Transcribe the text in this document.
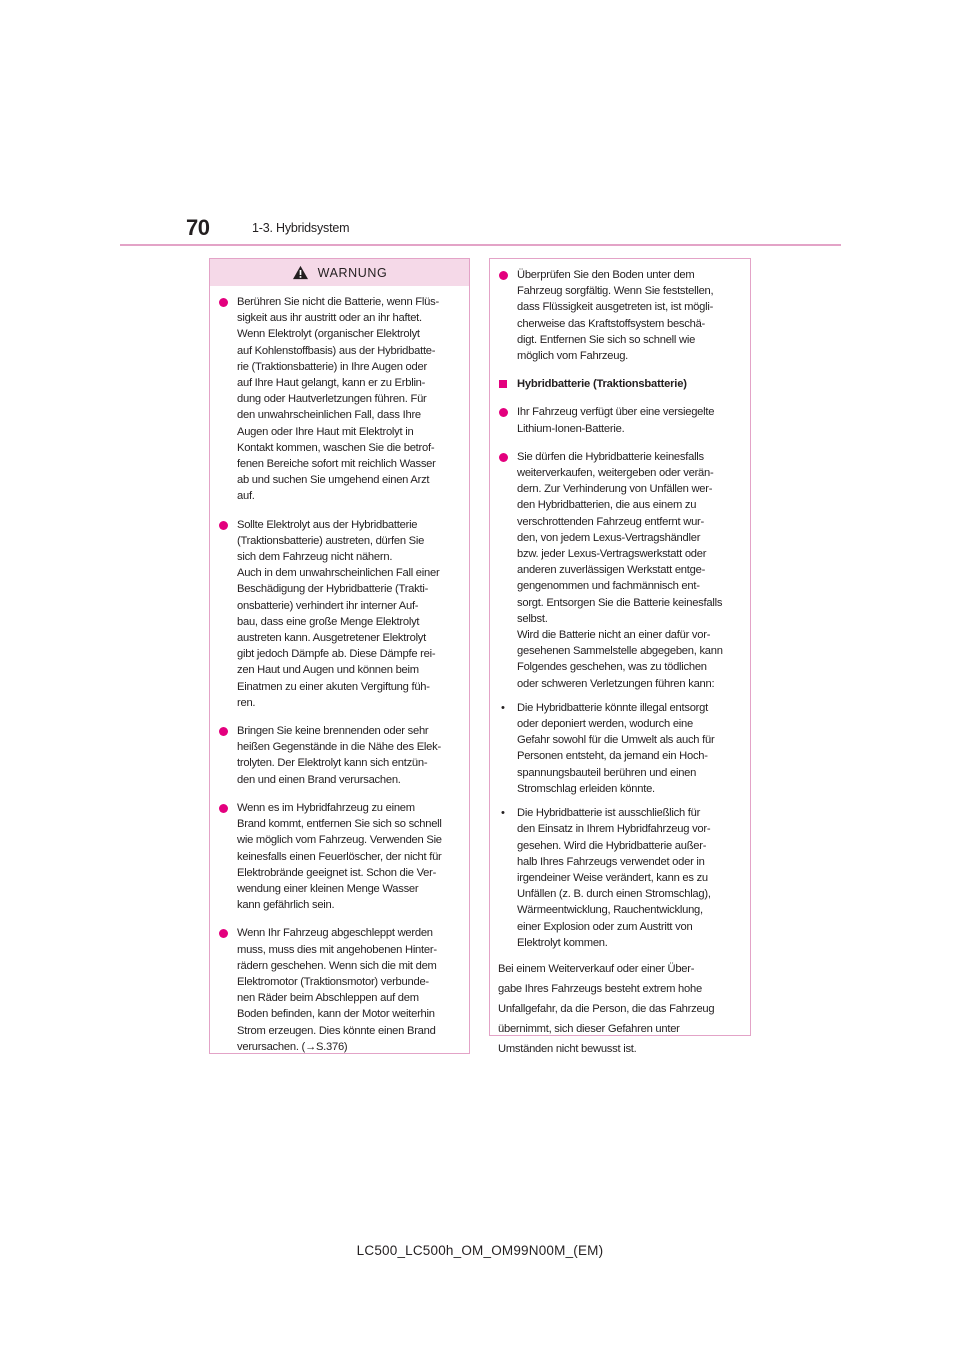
70	1-3. Hybridsystem
WARNUNG
Berühren Sie nicht die Batterie, wenn Flüs-
sigkeit aus ihr austritt oder an ihr haftet.
Wenn Elektrolyt (organischer Elektrolyt
auf Kohlenstoffbasis) aus der Hybridbatte-
rie (Traktionsbatterie) in Ihre Augen oder
auf Ihre Haut gelangt, kann er zu Erblin-
dung oder Hautverletzungen führen. Für
den unwahrscheinlichen Fall, dass Ihre
Augen oder Ihre Haut mit Elektrolyt in
Kontakt kommen, waschen Sie die betrof-
fenen Bereiche sofort mit reichlich Wasser
ab und suchen Sie umgehend einen Arzt
auf.
Sollte Elektrolyt aus der Hybridbatterie
(Traktionsbatterie) austreten, dürfen Sie
sich dem Fahrzeug nicht nähern.
Auch in dem unwahrscheinlichen Fall einer
Beschädigung der Hybridbatterie (Trakti-
onsbatterie) verhindert ihr interner Auf-
bau, dass eine große Menge Elektrolyt
austreten kann. Ausgetretener Elektrolyt
gibt jedoch Dämpfe ab. Diese Dämpfe rei-
zen Haut und Augen und können beim
Einatmen zu einer akuten Vergiftung füh-
ren.
Bringen Sie keine brennenden oder sehr
heißen Gegenstände in die Nähe des Elek-
trolyten. Der Elektrolyt kann sich entzün-
den und einen Brand verursachen.
Wenn es im Hybridfahrzeug zu einem
Brand kommt, entfernen Sie sich so schnell
wie möglich vom Fahrzeug. Verwenden Sie
keinesfalls einen Feuerlöscher, der nicht für
Elektrobrände geeignet ist. Schon die Ver-
wendung einer kleinen Menge Wasser
kann gefährlich sein.
Wenn Ihr Fahrzeug abgeschleppt werden
muss, muss dies mit angehobenen Hinter-
rädern geschehen. Wenn sich die mit dem
Elektromotor (Traktionsmotor) verbunde-
nen Räder beim Abschleppen auf dem
Boden befinden, kann der Motor weiterhin
Strom erzeugen. Dies könnte einen Brand
verursachen. (→S.376)
Überprüfen Sie den Boden unter dem
Fahrzeug sorgfältig. Wenn Sie feststellen,
dass Flüssigkeit ausgetreten ist, ist mögli-
cherweise das Kraftstoffsystem beschä-
digt. Entfernen Sie sich so schnell wie
möglich vom Fahrzeug.
Hybridbatterie (Traktionsbatterie)
Ihr Fahrzeug verfügt über eine versiegelte
Lithium-Ionen-Batterie.
Sie dürfen die Hybridbatterie keinesfalls
weiterverkaufen, weitergeben oder verän-
dern. Zur Verhinderung von Unfällen wer-
den Hybridbatterien, die aus einem zu
verschrottenden Fahrzeug entfernt wur-
den, von jedem Lexus-Vertragshändler
bzw. jeder Lexus-Vertragswerkstatt oder
anderen zuverlässigen Werkstatt entge-
gengenommen und fachmännisch ent-
sorgt. Entsorgen Sie die Batterie keinesfalls
selbst.
Wird die Batterie nicht an einer dafür vor-
gesehenen Sammelstelle abgegeben, kann
Folgendes geschehen, was zu tödlichen
oder schweren Verletzungen führen kann:
• Die Hybridbatterie könnte illegal entsorgt
oder deponiert werden, wodurch eine
Gefahr sowohl für die Umwelt als auch für
Personen entsteht, da jemand ein Hoch-
spannungsbauteil berühren und einen
Stromschlag erleiden könnte.
• Die Hybridbatterie ist ausschließlich für
den Einsatz in Ihrem Hybridfahrzeug vor-
gesehen. Wird die Hybridbatterie außer-
halb Ihres Fahrzeugs verwendet oder in
irgendeiner Weise verändert, kann es zu
Unfällen (z. B. durch einen Stromschlag),
Wärmeentwicklung, Rauchentwicklung,
einer Explosion oder zum Austritt von
Elektrolyt kommen.
Bei einem Weiterverkauf oder einer Über-
gabe Ihres Fahrzeugs besteht extrem hohe
Unfallgefahr, da die Person, die das Fahrzeug
übernimmt, sich dieser Gefahren unter
Umständen nicht bewusst ist.
LC500_LC500h_OM_OM99N00M_(EM)
